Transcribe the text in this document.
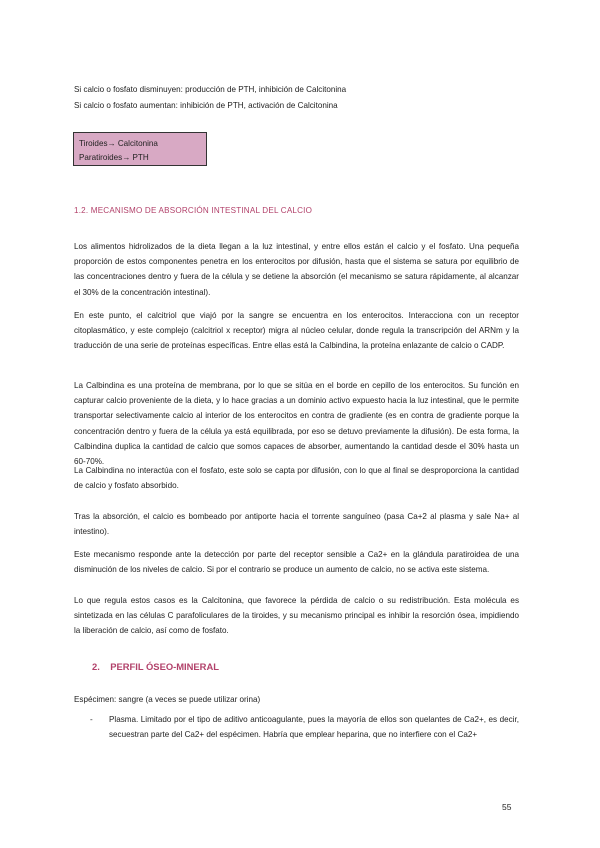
Si calcio o fosfato disminuyen: producción de PTH, inhibición de Calcitonina

Si calcio o fosfato aumentan: inhibición de PTH, activación de Calcitonina

Tiroides→ Calcitonina
Paratiroides→ PTH
1.2. MECANISMO DE ABSORCIÓN INTESTINAL DEL CALCIO

Los alimentos hidrolizados de la dieta llegan a la luz intestinal, y entre ellos están el calcio y el fosfato. Una pequeña proporción de estos componentes penetra en los enterocitos por difusión, hasta que el sistema se satura por equilibrio de las concentraciones dentro y fuera de la célula y se detiene la absorción (el mecanismo se satura rápidamente, al alcanzar el 30% de la concentración intestinal).

En este punto, el calcitriol que viajó por la sangre se encuentra en los enterocitos. Interacciona con un receptor citoplasmático, y este complejo (calcitriol x receptor) migra al núcleo celular, donde regula la transcripción del ARNm y la traducción de una serie de proteínas específicas. Entre ellas está la Calbindina, la proteína enlazante de calcio o CADP.

La Calbindina es una proteína de membrana, por lo que se sitúa en el borde en cepillo de los enterocitos. Su función en capturar calcio proveniente de la dieta, y lo hace gracias a un dominio activo expuesto hacia la luz intestinal, que le permite transportar selectivamente calcio al interior de los enterocitos en contra de gradiente (es en contra de gradiente porque la concentración dentro y fuera de la célula ya está equilibrada, por eso se detuvo previamente la difusión). De esta forma, la Calbindina duplica la cantidad de calcio que somos capaces de absorber, aumentando la cantidad desde el 30% hasta un 60-70%.

La Calbindina no interactúa con el fosfato, este solo se capta por difusión, con lo que al final se desproporciona la cantidad de calcio y fosfato absorbido.

Tras la absorción, el calcio es bombeado por antiporte hacia el torrente sanguíneo (pasa Ca+2 al plasma y sale Na+ al intestino).

Este mecanismo responde ante la detección por parte del receptor sensible a Ca2+ en la glándula paratiroidea de una disminución de los niveles de calcio. Si por el contrario se produce un aumento de calcio, no se activa este sistema.

Lo que regula estos casos es la Calcitonina, que favorece la pérdida de calcio o su redistribución. Esta molécula es sintetizada en las células C parafoliculares de la tiroides, y su mecanismo principal es inhibir la resorción ósea, impidiendo la liberación de calcio, así como de fosfato.

2. PERFIL ÓSEO-MINERAL

Espécimen: sangre (a veces se puede utilizar orina)

- Plasma. Limitado por el tipo de aditivo anticoagulante, pues la mayoría de ellos son quelantes de Ca2+, es decir, secuestran parte del Ca2+ del espécimen. Habría que emplear heparina, que no interfiere con el Ca2+

55
